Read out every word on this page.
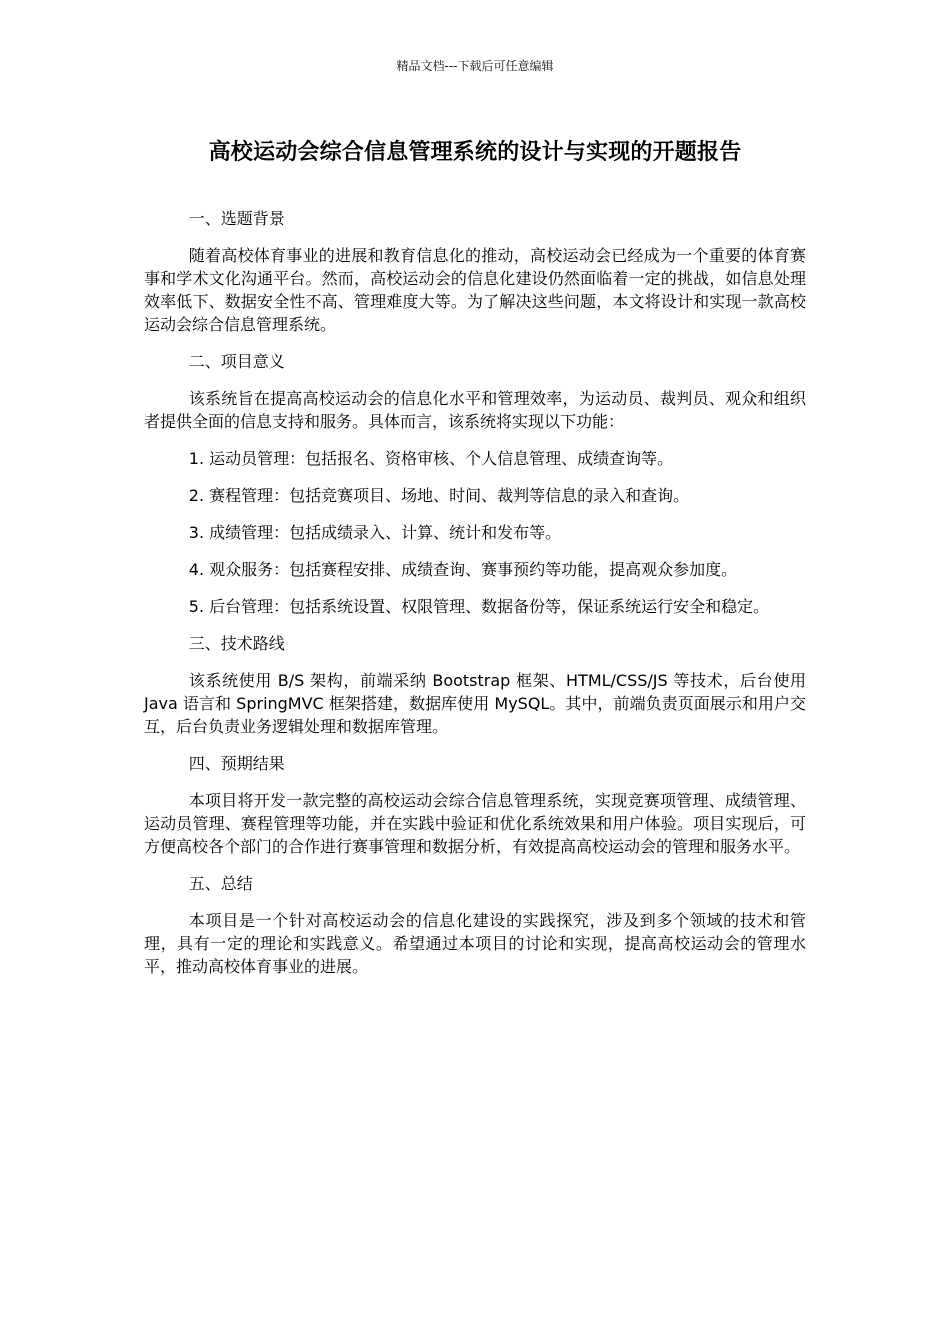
精品文档---下载后可任意编辑
高校运动会综合信息管理系统的设计与实现的开题报告
一、选题背景
随着高校体育事业的进展和教育信息化的推动，高校运动会已经成为一个重要的体育赛事和学术文化沟通平台。然而，高校运动会的信息化建设仍然面临着一定的挑战，如信息处理效率低下、数据安全性不高、管理难度大等。为了解决这些问题，本文将设计和实现一款高校运动会综合信息管理系统。
二、项目意义
该系统旨在提高高校运动会的信息化水平和管理效率，为运动员、裁判员、观众和组织者提供全面的信息支持和服务。具体而言，该系统将实现以下功能：
1. 运动员管理：包括报名、资格审核、个人信息管理、成绩查询等。
2. 赛程管理：包括竞赛项目、场地、时间、裁判等信息的录入和查询。
3. 成绩管理：包括成绩录入、计算、统计和发布等。
4. 观众服务：包括赛程安排、成绩查询、赛事预约等功能，提高观众参加度。
5. 后台管理：包括系统设置、权限管理、数据备份等，保证系统运行安全和稳定。
三、技术路线
该系统使用 B/S 架构，前端采纳 Bootstrap 框架、HTML/CSS/JS 等技术，后台使用 Java 语言和 SpringMVC 框架搭建，数据库使用 MySQL。其中，前端负责页面展示和用户交互，后台负责业务逻辑处理和数据库管理。
四、预期结果
本项目将开发一款完整的高校运动会综合信息管理系统，实现竞赛项管理、成绩管理、运动员管理、赛程管理等功能，并在实践中验证和优化系统效果和用户体验。项目实现后，可方便高校各个部门的合作进行赛事管理和数据分析，有效提高高校运动会的管理和服务水平。
五、总结
本项目是一个针对高校运动会的信息化建设的实践探究，涉及到多个领域的技术和管理，具有一定的理论和实践意义。希望通过本项目的讨论和实现，提高高校运动会的管理水平，推动高校体育事业的进展。
